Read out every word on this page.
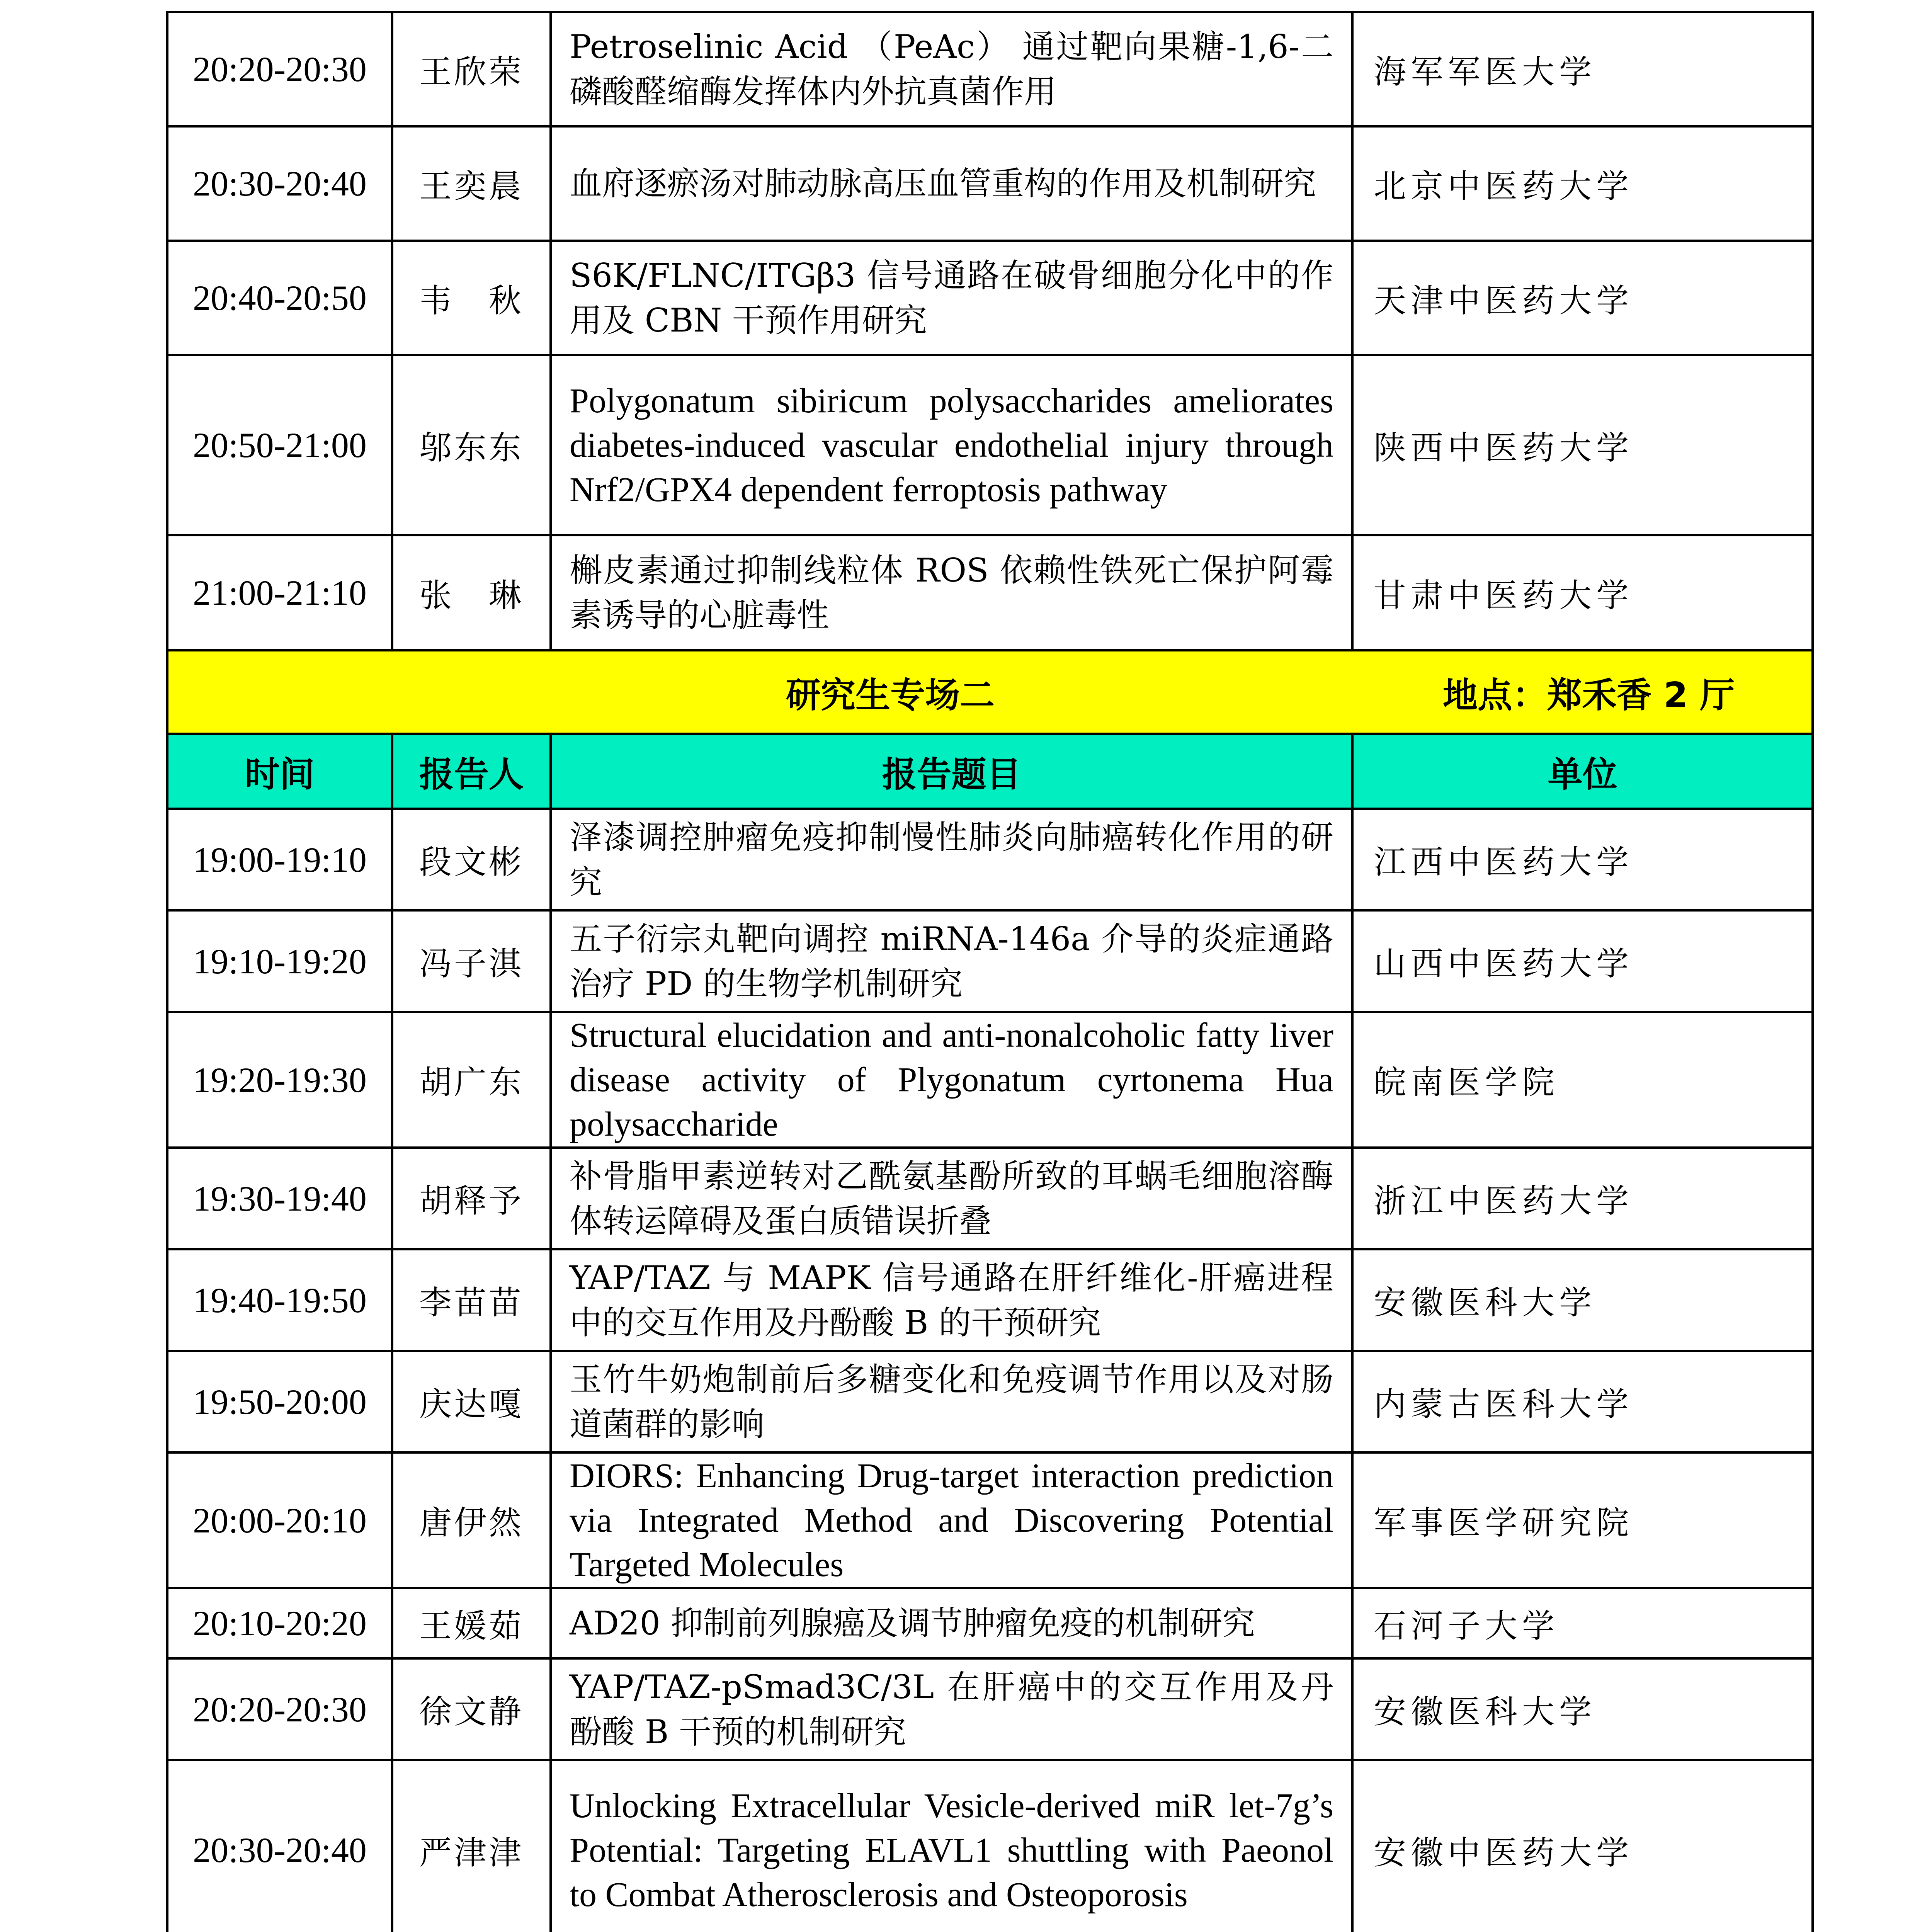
20:20-20:30	王欣荣	Petroselinic Acid （PeAc） 通过靶向果糖-1,6-二磷酸醛缩酶发挥体内外抗真菌作用	海军军医大学
20:30-20:40	王奕晨	血府逐瘀汤对肺动脉高压血管重构的作用及机制研究	北京中医药大学
20:40-20:50	韦　秋	S6K/FLNC/ITGβ3 信号通路在破骨细胞分化中的作用及 CBN 干预作用研究	天津中医药大学
20:50-21:00	邬东东	Polygonatum sibiricum polysaccharides ameliorates diabetes-induced vascular endothelial injury through Nrf2/GPX4 dependent ferroptosis pathway	陕西中医药大学
21:00-21:10	张　琳	槲皮素通过抑制线粒体 ROS 依赖性铁死亡保护阿霉素诱导的心脏毒性	甘肃中医药大学

研究生专场二 地点：郑禾香 2 厅			

时间	报告人	报告题目	单位
19:00-19:10	段文彬	泽漆调控肿瘤免疫抑制慢性肺炎向肺癌转化作用的研究	江西中医药大学
19:10-19:20	冯子淇	五子衍宗丸靶向调控 miRNA-146a 介导的炎症通路治疗 PD 的生物学机制研究	山西中医药大学
19:20-19:30	胡广东	Structural elucidation and anti-nonalcoholic fatty liver disease activity of Plygonatum cyrtonema Hua polysaccharide	皖南医学院
19:30-19:40	胡释予	补骨脂甲素逆转对乙酰氨基酚所致的耳蜗毛细胞溶酶体转运障碍及蛋白质错误折叠	浙江中医药大学
19:40-19:50	李苗苗	YAP/TAZ 与 MAPK 信号通路在肝纤维化-肝癌进程中的交互作用及丹酚酸 B 的干预研究	安徽医科大学
19:50-20:00	庆达嘎	玉竹牛奶炮制前后多糖变化和免疫调节作用以及对肠道菌群的影响	内蒙古医科大学
20:00-20:10	唐伊然	DIORS: Enhancing Drug-target interaction prediction via Integrated Method and Discovering Potential Targeted Molecules	军事医学研究院
20:10-20:20	王媛茹	AD20 抑制前列腺癌及调节肿瘤免疫的机制研究	石河子大学
20:20-20:30	徐文静	YAP/TAZ-pSmad3C/3L 在肝癌中的交互作用及丹酚酸 B 干预的机制研究	安徽医科大学
20:30-20:40	严津津	Unlocking Extracellular Vesicle-derived miR let-7g’s Potential: Targeting ELAVL1 shuttling with Paeonol to Combat Atherosclerosis and Osteoporosis	安徽中医药大学
